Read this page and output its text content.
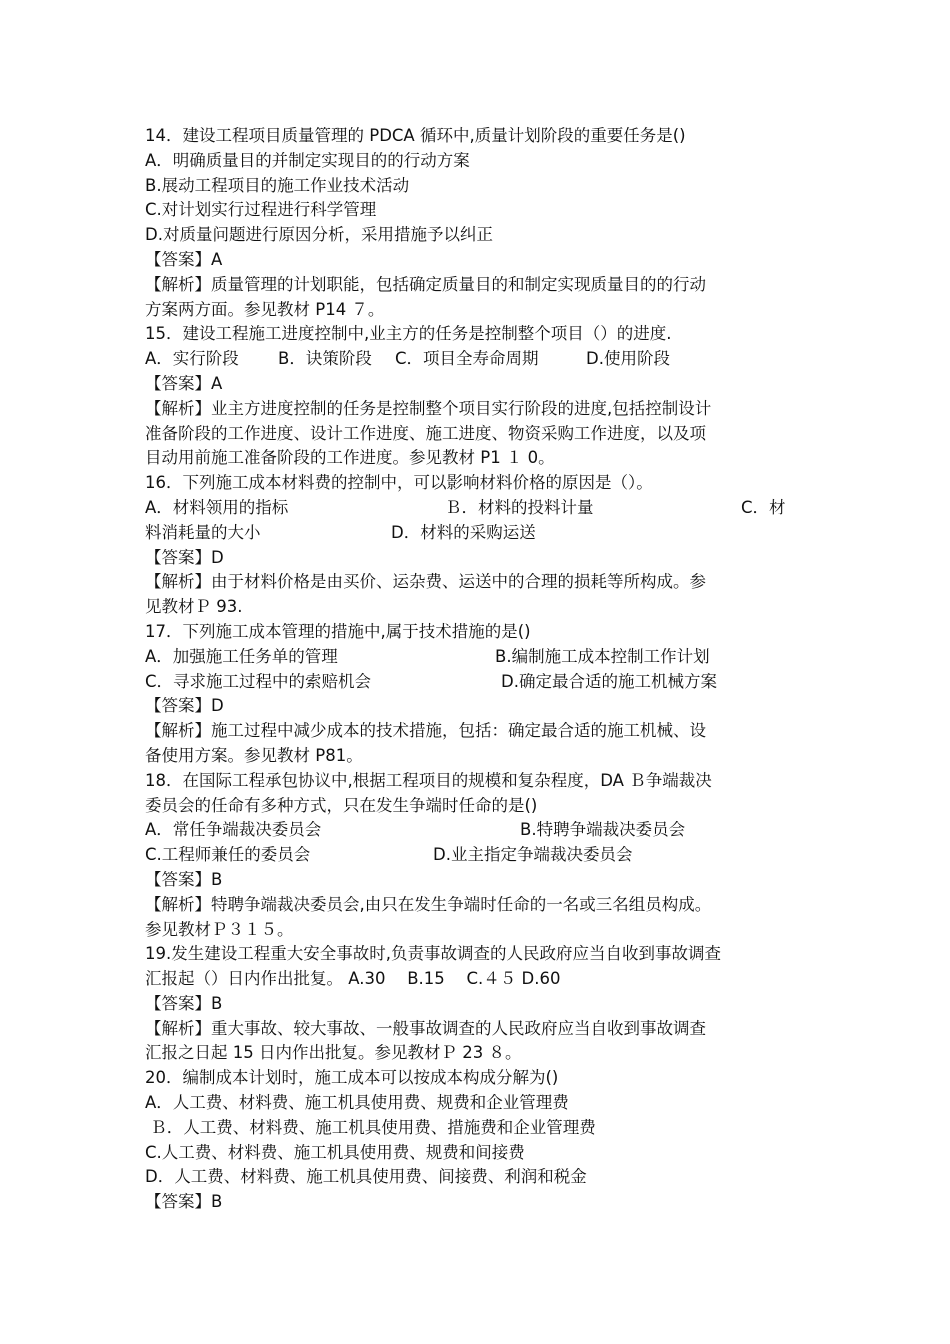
14．建设工程项目质量管理的 PDCA 循环中,质量计划阶段的重要任务是()
A．明确质量目的并制定实现目的的行动方案
B.展动工程项目的施工作业技术活动
C.对计划实行过程进行科学管理
D.对质量问题进行原因分析，采用措施予以纠正
【答案】A
【解析】质量管理的计划职能，包括确定质量目的和制定实现质量目的的行动
方案两方面。参见教材 P14 ７。
15．建设工程施工进度控制中,业主方的任务是控制整个项目（）的进度.

A．实行阶段

B．诀策阶段

C．项目全寿命周期

	D.使用阶段

【答案】A
【解析】业主方进度控制的任务是控制整个项目实行阶段的进度,包括控制设计
准备阶段的工作进度、设计工作进度、施工进度、物资采购工作进度，以及项
目动用前施工准备阶段的工作进度。参见教材 P1 １ 0。
16．下列施工成本材料费的控制中，可以影响材料价格的原因是（）。

A．材料领用的指标

	Ｂ．材料的投料计量

	C．材

料消耗量的大小

	D．材料的采购运送

【答案】D
【解析】由于材料价格是由买价、运杂费、运送中的合理的损耗等所构成。参
见教材Ｐ 93.
17．下列施工成本管理的措施中,属于技术措施的是()

A．加强施工任务单的管理

	B.编制施工成本控制工作计划

C．寻求施工过程中的索赔机会

	D.确定最合适的施工机械方案

【答案】D
【解析】施工过程中减少成本的技术措施，包括：确定最合适的施工机械、设
备使用方案。参见教材 P81。
18．在国际工程承包协议中,根据工程项目的规模和复杂程度，DA Ｂ争端裁决
委员会的任命有多种方式，只在发生争端时任命的是()

A．常任争端裁决委员会

	B.特聘争端裁决委员会

C.工程师兼任的委员会

	D.业主指定争端裁决委员会

【答案】B
【解析】特聘争端裁决委员会,由只在发生争端时任命的一名或三名组员构成。
参见教材Ｐ３１５。
19.发生建设工程重大安全事故时,负责事故调查的人民政府应当自收到事故调查
汇报起（）日内作出批复。 A.30　 B.15　 C.４５ D.60
【答案】B
【解析】重大事故、较大事故、一般事故调查的人民政府应当自收到事故调查
汇报之日起 15 日内作出批复。参见教材Ｐ 23 ８。
20．编制成本计划时，施工成本可以按成本构成分解为()
A．人工费、材料费、施工机具使用费、规费和企业管理费
Ｂ．人工费、材料费、施工机具使用费、措施费和企业管理费
C.人工费、材料费、施工机具使用费、规费和间接费
D．人工费、材料费、施工机具使用费、间接费、利润和税金
【答案】B
